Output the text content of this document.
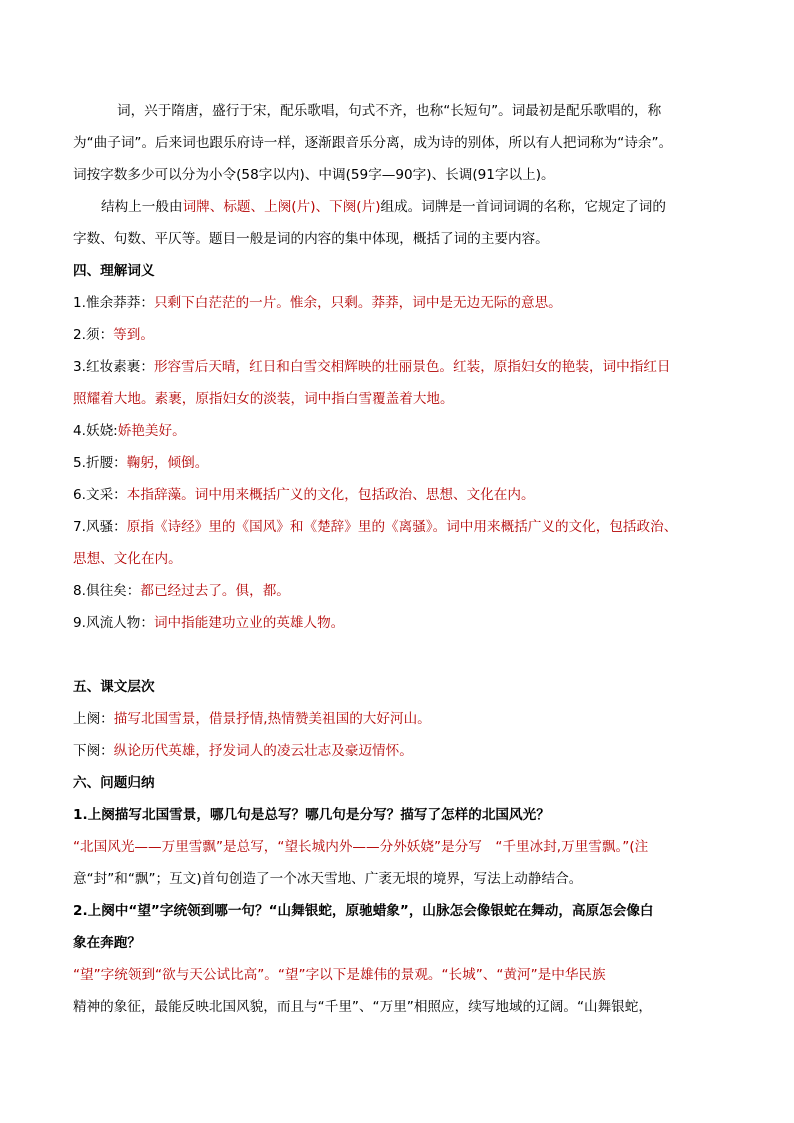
词，兴于隋唐，盛行于宋，配乐歌唱，句式不齐，也称“长短句”。词最初是配乐歌唱的，称
为“曲子词”。后来词也跟乐府诗一样，逐渐跟音乐分离，成为诗的别体，所以有人把词称为“诗余”。
词按字数多少可以分为小令(58字以内)、中调(59字—90字)、长调(91字以上)。
结构上一般由词牌、标题、上阕(片)、下阕(片)组成。词牌是一首词词调的名称，它规定了词的
字数、句数、平仄等。题目一般是词的内容的集中体现，概括了词的主要内容。
四、理解词义
1.惟余莽莽：只剩下白茫茫的一片。惟余，只剩。莽莽，词中是无边无际的意思。
2.须：等到。
3.红妆素裹：形容雪后天晴，红日和白雪交相辉映的壮丽景色。红装，原指妇女的艳装，词中指红日
照耀着大地。素裹，原指妇女的淡装，词中指白雪覆盖着大地。
4.妖娆:娇艳美好。
5.折腰：鞠躬，倾倒。
6.文采：本指辞藻。词中用来概括广义的文化，包括政治、思想、文化在内。
7.风骚：原指《诗经》里的《国风》和《楚辞》里的《离骚》。词中用来概括广义的文化，包括政治、
思想、文化在内。
8.俱往矣：都已经过去了。俱，都。
9.风流人物：词中指能建功立业的英雄人物。
五、课文层次
上阕：描写北国雪景，借景抒情,热情赞美祖国的大好河山。
下阕：纵论历代英雄，抒发词人的凌云壮志及豪迈情怀。
六、问题归纳
1.上阕描写北国雪景，哪几句是总写？哪几句是分写？描写了怎样的北国风光？
“北国风光——万里雪飘”是总写，“望长城内外——分外妖娆”是分写　“千里冰封,万里雪飘。”(注
意“封”和“飘”；互文)首句创造了一个冰天雪地、广袤无垠的境界，写法上动静结合。
2.上阕中“望”字统领到哪一句？“山舞银蛇，原驰蜡象”，山脉怎会像银蛇在舞动，高原怎会像白
象在奔跑？
“望”字统领到“欲与天公试比高”。“望”字以下是雄伟的景观。“长城”、“黄河”是中华民族
精神的象征，最能反映北国风貌，而且与“千里”、“万里”相照应，续写地域的辽阔。“山舞银蛇，
